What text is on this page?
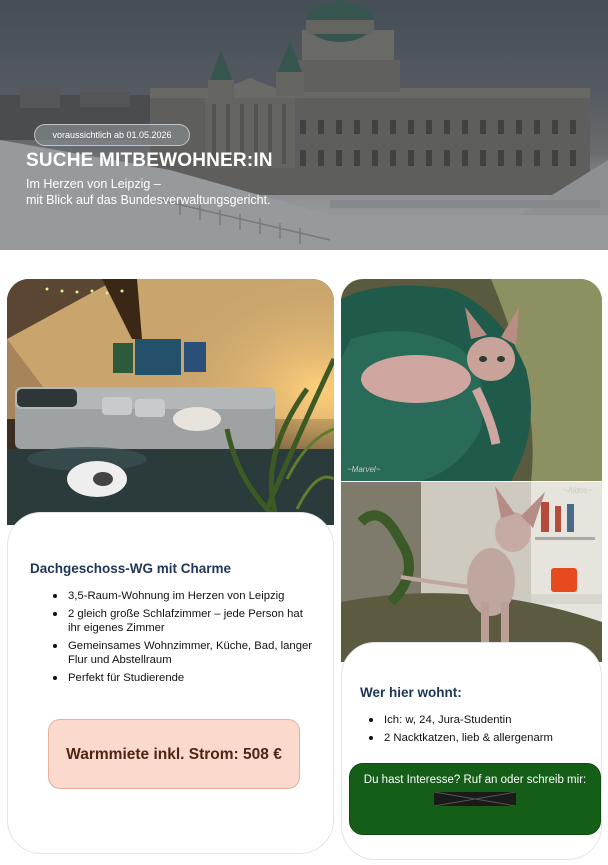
voraussichtlich ab 01.05.2026
SUCHE MITBEWOHNER:IN
Im Herzen von Leipzig –
mit Blick auf das Bundesverwaltungsgericht.
~Marvel~
~Aldos~
Dachgeschoss-WG mit Charme
3,5-Raum-Wohnung im Herzen von Leipzig
2 gleich große Schlafzimmer – jede Person hat ihr eigenes Zimmer
Gemeinsames Wohnzimmer, Küche, Bad, langer Flur und Abstellraum
Perfekt für Studierende
Warmmiete inkl. Strom: 508 €
Wer hier wohnt:
Ich: w, 24, Jura-Studentin
2 Nacktkatzen, lieb & allergenarm
Du hast Interesse? Ruf an oder schreib mir:
